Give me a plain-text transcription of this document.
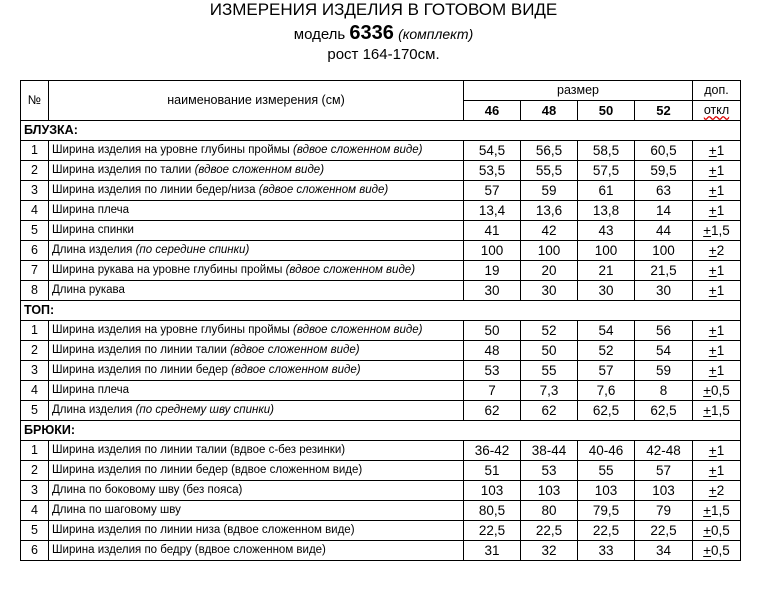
ИЗМЕРЕНИЯ ИЗДЕЛИЯ В ГОТОВОМ ВИДЕ
модель 6336 (комплект)
рост 164-170см.
№	наименование измерения (см)	размер				доп.
		46	48	50	52	откл
БЛУЗКА:						
1	Ширина изделия на уровне глубины проймы (вдвое сложенном виде)	54,5	56,5	58,5	60,5	+1
2	Ширина изделия по талии (вдвое сложенном виде)	53,5	55,5	57,5	59,5	+1
3	Ширина изделия по линии бедер/низа (вдвое сложенном виде)	57	59	61	63	+1
4	Ширина плеча	13,4	13,6	13,8	14	+1
5	Ширина спинки	41	42	43	44	+1,5
6	Длина изделия (по середине спинки)	100	100	100	100	+2
7	Ширина рукава на уровне глубины проймы (вдвое сложенном виде)	19	20	21	21,5	+1
8	Длина рукава	30	30	30	30	+1
ТОП:						
1	Ширина изделия на уровне глубины проймы (вдвое сложенном виде)	50	52	54	56	+1
2	Ширина изделия по линии талии (вдвое сложенном виде)	48	50	52	54	+1
3	Ширина изделия по линии бедер (вдвое сложенном виде)	53	55	57	59	+1
4	Ширина плеча	7	7,3	7,6	8	+0,5
5	Длина изделия (по среднему шву спинки)	62	62	62,5	62,5	+1,5
БРЮКИ:						
1	Ширина изделия по линии талии (вдвое с-без резинки)	36-42	38-44	40-46	42-48	+1
2	Ширина изделия по линии бедер (вдвое сложенном виде)	51	53	55	57	+1
3	Длина по боковому шву (без пояса)	103	103	103	103	+2
4	Длина по шаговому шву	80,5	80	79,5	79	+1,5
5	Ширина изделия по линии низа (вдвое сложенном виде)	22,5	22,5	22,5	22,5	+0,5
6	Ширина изделия по бедру (вдвое сложенном виде)	31	32	33	34	+0,5
